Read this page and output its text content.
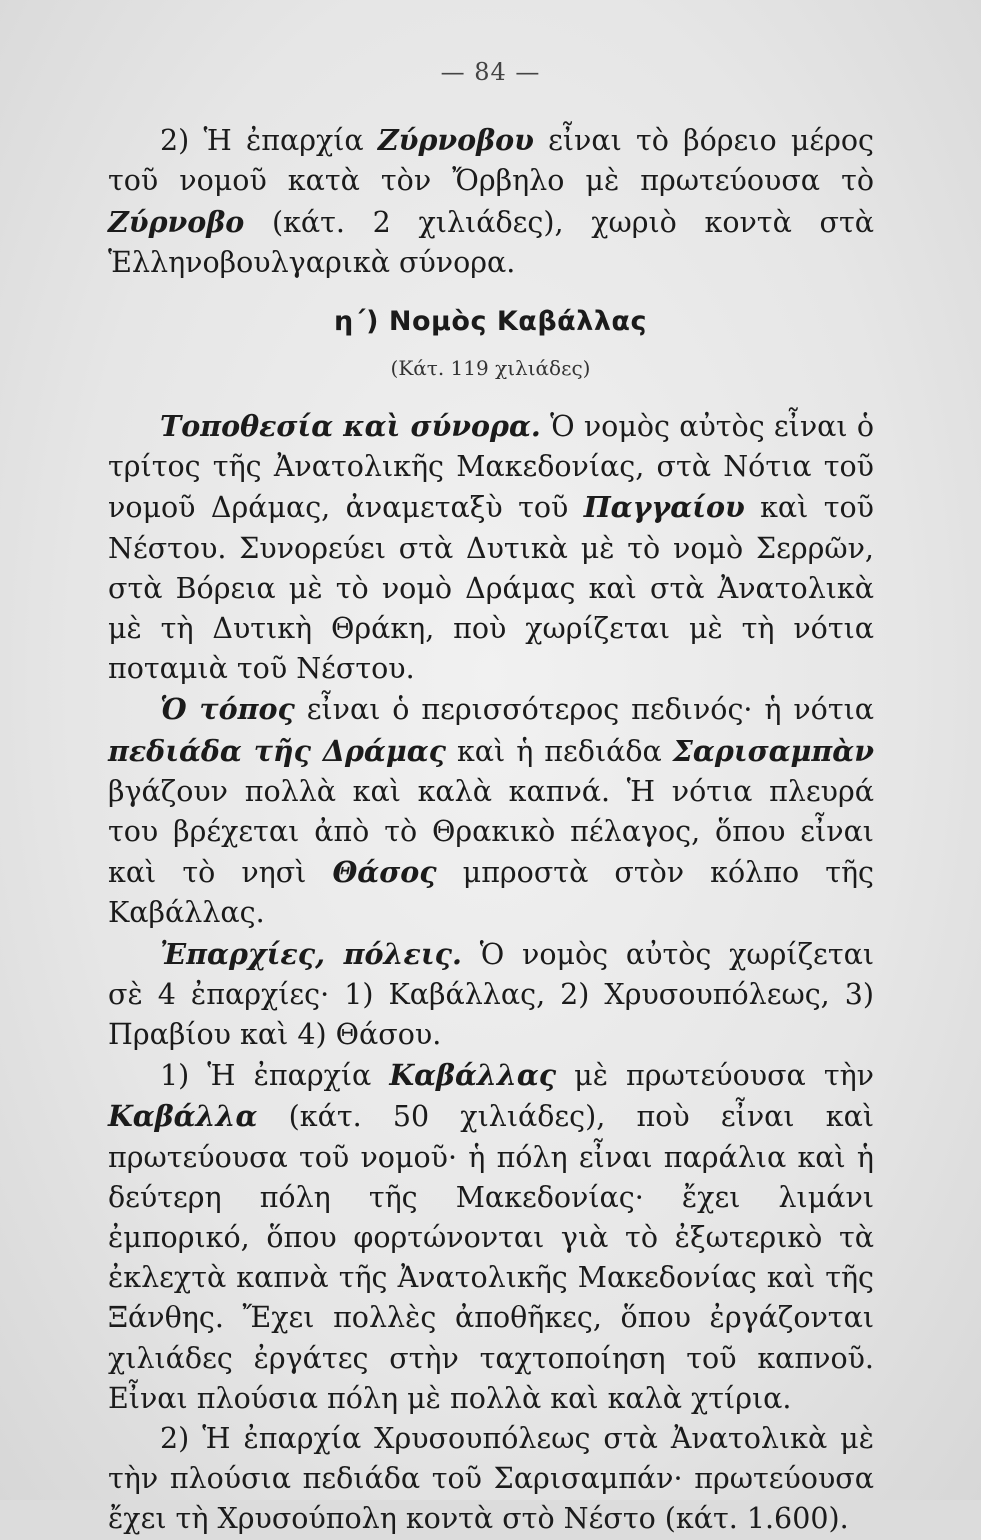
— 84 —

2) Ἡ ἐπαρχία Ζύρνοβου εἶναι τὸ βόρειο μέρος τοῦ νομοῦ κατὰ τὸν Ὄρβηλο μὲ πρωτεύουσα τὸ Ζύρνοβο (κάτ. 2 χιλιάδες), χωριὸ κοντὰ στὰ Ἑλληνοβουλγαρικὰ σύνορα.

η΄) Νομὸς Καβάλλας
(Κάτ. 119 χιλιάδες)

Τοποθεσία καὶ σύνορα. Ὁ νομὸς αὐτὸς εἶναι ὁ τρίτος τῆς Ἀνατολικῆς Μακεδονίας, στὰ Νότια τοῦ νομοῦ Δράμας, ἀναμεταξὺ τοῦ Παγγαίου καὶ τοῦ Νέστου. Συνορεύει στὰ Δυτικὰ μὲ τὸ νομὸ Σερρῶν, στὰ Βόρεια μὲ τὸ νομὸ Δράμας καὶ στὰ Ἀνατολικὰ μὲ τὴ Δυτικὴ Θράκη, ποὺ χωρίζεται μὲ τὴ νότια ποταμιὰ τοῦ Νέστου.

Ὁ τόπος εἶναι ὁ περισσότερος πεδινός· ἡ νότια πεδιάδα τῆς Δράμας καὶ ἡ πεδιάδα Σαρισαμπὰν βγάζουν πολλὰ καὶ καλὰ καπνά. Ἡ νότια πλευρά του βρέχεται ἀπὸ τὸ Θρακικὸ πέλαγος, ὅπου εἶναι καὶ τὸ νησὶ Θάσος μπροστὰ στὸν κόλπο τῆς Καβάλλας.

Ἐπαρχίες, πόλεις. Ὁ νομὸς αὐτὸς χωρίζεται σὲ 4 ἐπαρχίες· 1) Καβάλλας, 2) Χρυσουπόλεως, 3) Πραβίου καὶ 4) Θάσου.

1) Ἡ ἐπαρχία Καβάλλας μὲ πρωτεύουσα τὴν Καβάλλα (κάτ. 50 χιλιάδες), ποὺ εἶναι καὶ πρωτεύουσα τοῦ νομοῦ· ἡ πόλη εἶναι παράλια καὶ ἡ δεύτερη πόλη τῆς Μακεδονίας· ἔχει λιμάνι ἐμπορικό, ὅπου φορτώνονται γιὰ τὸ ἐξωτερικὸ τὰ ἐκλεχτὰ καπνὰ τῆς Ἀνατολικῆς Μακεδονίας καὶ τῆς Ξάνθης. Ἔχει πολλὲς ἀποθῆκες, ὅπου ἐργάζονται χιλιάδες ἐργάτες στὴν ταχτοποίηση τοῦ καπνοῦ. Εἶναι πλούσια πόλη μὲ πολλὰ καὶ καλὰ χτίρια.

2) Ἡ ἐπαρχία Χρυσουπόλεως στὰ Ἀνατολικὰ μὲ τὴν πλούσια πεδιάδα τοῦ Σαρισαμπάν· πρωτεύουσα ἔχει τὴ Χρυσούπολη κοντὰ στὸ Νέστο (κάτ. 1.600).
